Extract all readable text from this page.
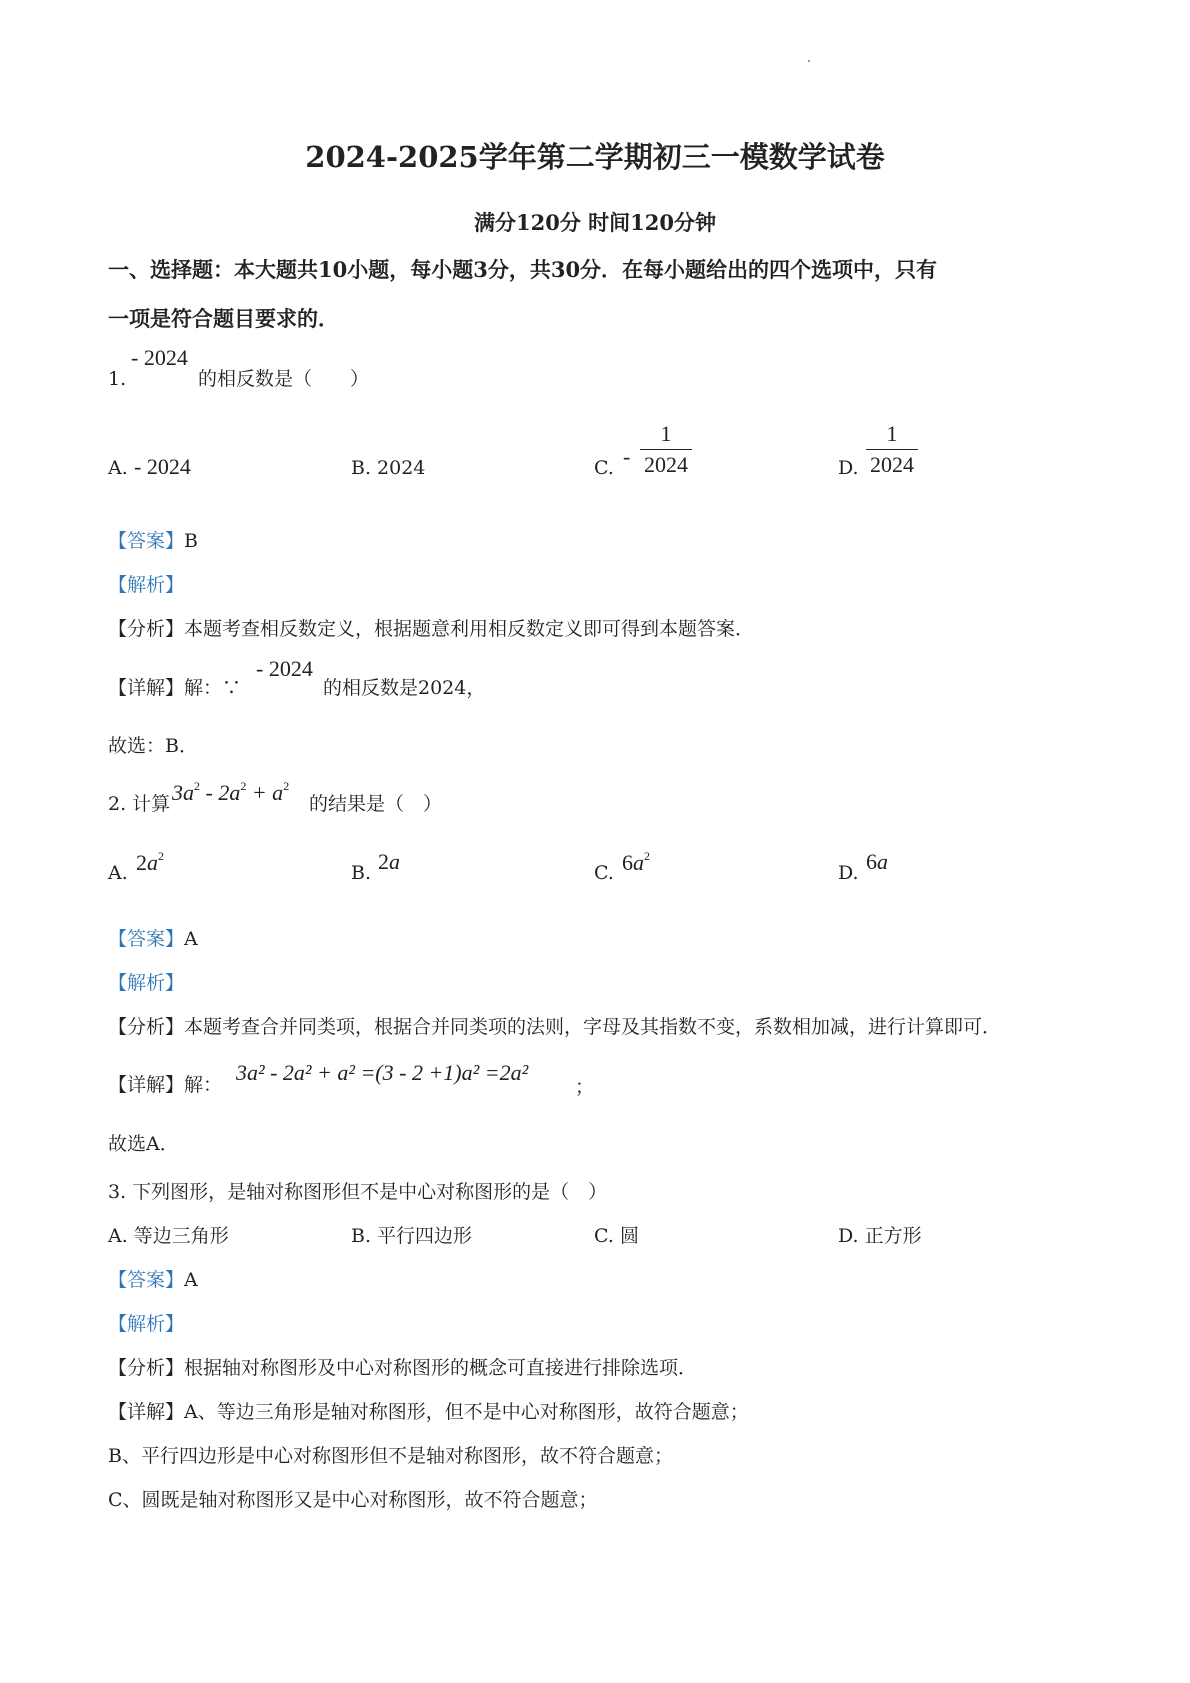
2024-2025学年第二学期初三一模数学试卷
满分120分 时间120分钟
一、选择题：本大题共10小题，每小题3分，共30分．在每小题给出的四个选项中，只有
一项是符合题目要求的．
1.
- 2024
的相反数是（　　）
A. - 2024	B. 2024	C. -
1
2024	D.
1
2024
【答案】B
【解析】
【分析】本题考查相反数定义，根据题意利用相反数定义即可得到本题答案．
【详解】解：∵
- 2024
的相反数是2024，
故选：B．
2. 计算 $3a^2 - 2a^2 + a^2$
的结果是（　）
A. $2a^2$
B. 2a	C. $6a^2$
D. 6a
【答案】A
【解析】
【分析】本题考查合并同类项，根据合并同类项的法则，字母及其指数不变，系数相加减，进行计算即可．
【详解】解： 3a² - 2a² + a² =(3 - 2 +1)a² =2a²
；
故选A．
3. 下列图形，是轴对称图形但不是中心对称图形的是（　）
A. 等边三角形	B. 平行四边形	C. 圆	D. 正方形
【答案】A
【解析】
【分析】根据轴对称图形及中心对称图形的概念可直接进行排除选项．
【详解】A、等边三角形是轴对称图形，但不是中心对称图形，故符合题意；
B、平行四边形是中心对称图形但不是轴对称图形，故不符合题意；
C、圆既是轴对称图形又是中心对称图形，故不符合题意；
